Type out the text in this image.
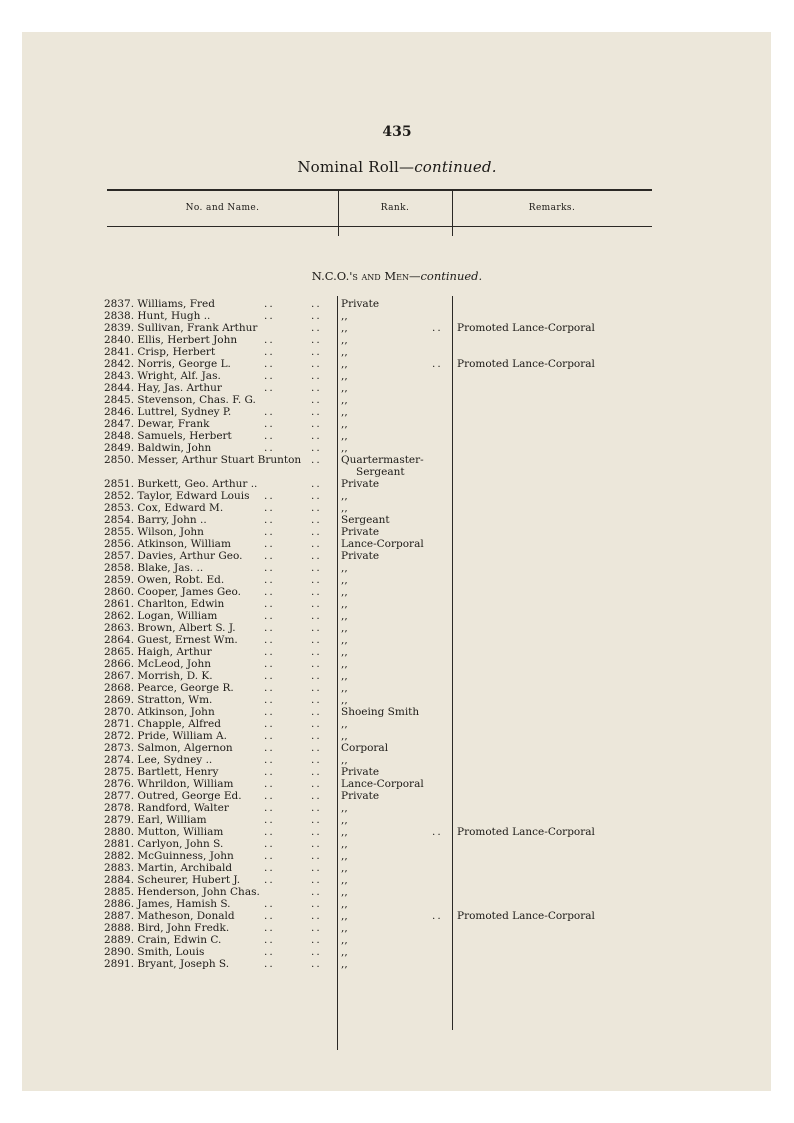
435
Nominal Roll—continued.
No. and Name.	Rank.	Remarks.
N.C.O.'s and Men—continued.
2837. Williams, Fred	..	.. Private
2838. Hunt, Hugh ..	..	.. ,,
2839. Sullivan, Frank Arthur	.. ,,	.. Promoted Lance-Corporal
2840. Ellis, Herbert John	..	.. ,,
2841. Crisp, Herbert	..	.. ,,
2842. Norris, George L.	..	.. ,,	.. Promoted Lance-Corporal
2843. Wright, Alf. Jas.	..	.. ,,
2844. Hay, Jas. Arthur	..	.. ,,
2845. Stevenson, Chas. F. G.	.. ,,
2846. Luttrel, Sydney P.	..	.. ,,
2847. Dewar, Frank	..	.. ,,
2848. Samuels, Herbert	..	.. ,,
2849. Baldwin, John	..	.. ,,
2850. Messer, Arthur Stuart Brunton .. Quartermaster-
Sergeant
2851. Burkett, Geo. Arthur ..	.. Private
2852. Taylor, Edward Louis ..	.. ,,
2853. Cox, Edward M.	..	.. ,,
2854. Barry, John ..	..	.. Sergeant
2855. Wilson, John	..	.. Private
2856. Atkinson, William	..	.. Lance-Corporal
2857. Davies, Arthur Geo. ..	.. Private
2858. Blake, Jas. ..	..	.. ,,
2859. Owen, Robt. Ed.	..	.. ,,
2860. Cooper, James Geo. ..	.. ,,
2861. Charlton, Edwin	..	.. ,,
2862. Logan, William	..	.. ,,
2863. Brown, Albert S. J.	..	.. ,,
2864. Guest, Ernest Wm.	..	.. ,,
2865. Haigh, Arthur	..	.. ,,
2866. McLeod, John	..	.. ,,
2867. Morrish, D. K.	..	.. ,,
2868. Pearce, George R.	..	.. ,,
2869. Stratton, Wm.	..	.. ,,
2870. Atkinson, John	..	.. Shoeing Smith
2871. Chapple, Alfred	..	.. ,,
2872. Pride, William A.	..	.. ,,
2873. Salmon, Algernon	..	.. Corporal
2874. Lee, Sydney ..	..	.. ,,
2875. Bartlett, Henry	..	.. Private
2876. Whrildon, William	..	.. Lance-Corporal
2877. Outred, George Ed. ..	.. Private
2878. Randford, Walter	..	.. ,,
2879. Earl, William	..	.. ,,
2880. Mutton, William	..	.. ,,	.. Promoted Lance-Corporal
2881. Carlyon, John S.	..	.. ,,
2882. McGuinness, John	..	.. ,,
2883. Martin, Archibald	..	.. ,,
2884. Scheurer, Hubert J. ..	.. ,,
2885. Henderson, John Chas.	.. ,,
2886. James, Hamish S.	..	.. ,,
2887. Matheson, Donald	..	.. ,,	.. Promoted Lance-Corporal
2888. Bird, John Fredk.	..	.. ,,
2889. Crain, Edwin C.	..	.. ,,
2890. Smith, Louis	..	.. ,,
2891. Bryant, Joseph S.	..	.. ,,
